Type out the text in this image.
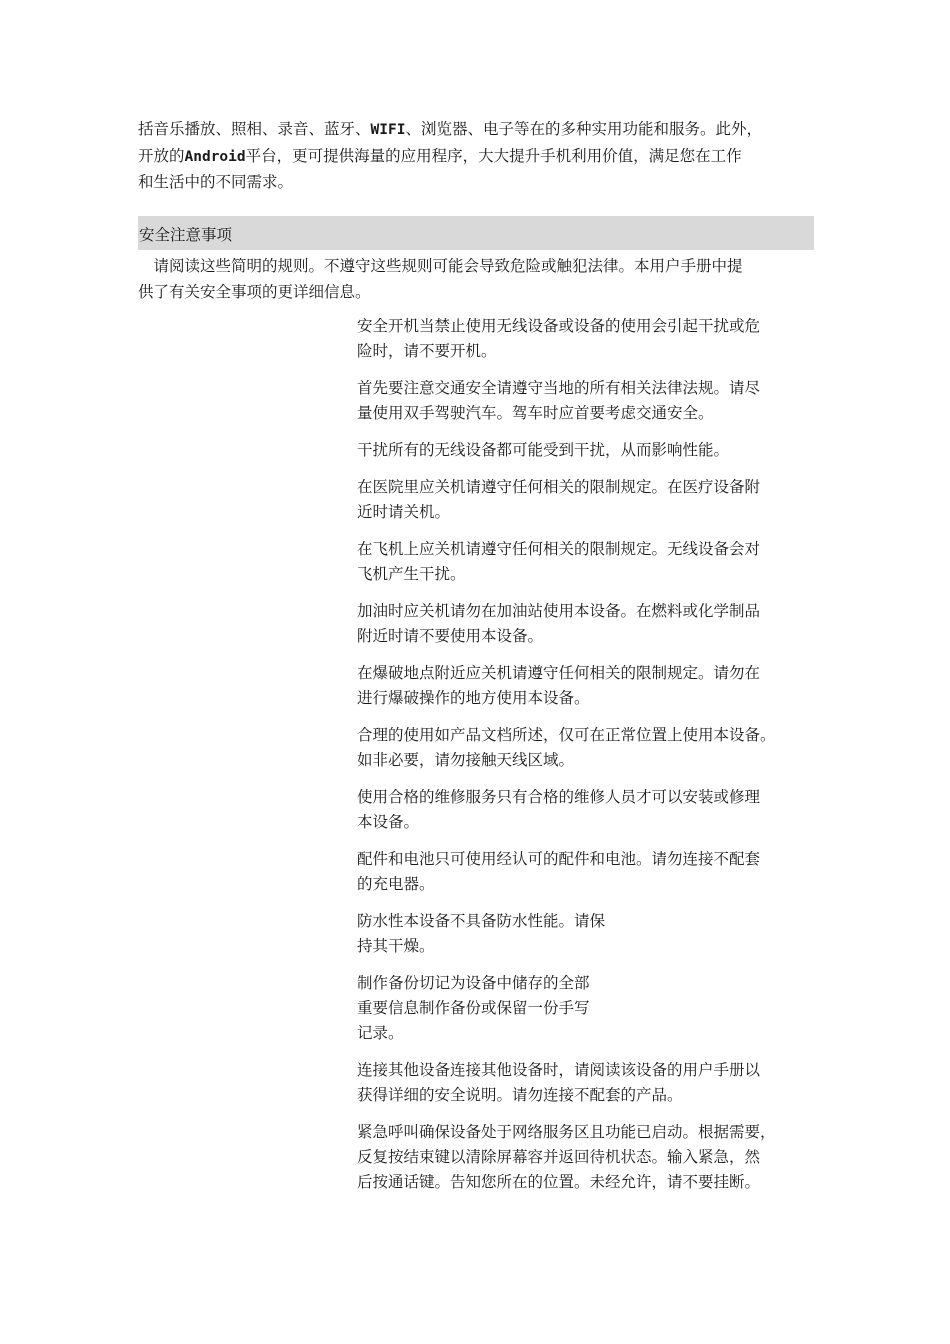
括音乐播放、照相、录音、蓝牙、WIFI、浏览器、电子等在的多种实用功能和服务。此外，
开放的Android平台，更可提供海量的应用程序，大大提升手机利用价值，满足您在工作
和生活中的不同需求。

安全注意事项

　请阅读这些简明的规则。不遵守这些规则可能会导致危险或触犯法律。本用户手册中提
供了有关安全事项的更详细信息。

安全开机当禁止使用无线设备或设备的使用会引起干扰或危
险时，请不要开机。
首先要注意交通安全请遵守当地的所有相关法律法规。请尽
量使用双手驾驶汽车。驾车时应首要考虑交通安全。
干扰所有的无线设备都可能受到干扰，从而影响性能。
在医院里应关机请遵守任何相关的限制规定。在医疗设备附
近时请关机。
在飞机上应关机请遵守任何相关的限制规定。无线设备会对
飞机产生干扰。
加油时应关机请勿在加油站使用本设备。在燃料或化学制品
附近时请不要使用本设备。
在爆破地点附近应关机请遵守任何相关的限制规定。请勿在
进行爆破操作的地方使用本设备。
合理的使用如产品文档所述，仅可在正常位置上使用本设备。
如非必要，请勿接触天线区域。
使用合格的维修服务只有合格的维修人员才可以安装或修理
本设备。
配件和电池只可使用经认可的配件和电池。请勿连接不配套
的充电器。
防水性本设备不具备防水性能。请保
持其干燥。
制作备份切记为设备中储存的全部
重要信息制作备份或保留一份手写
记录。
连接其他设备连接其他设备时，请阅读该设备的用户手册以
获得详细的安全说明。请勿连接不配套的产品。
紧急呼叫确保设备处于网络服务区且功能已启动。根据需要，
反复按结束键以清除屏幕容并返回待机状态。输入紧急，然
后按通话键。告知您所在的位置。未经允许，请不要挂断。
